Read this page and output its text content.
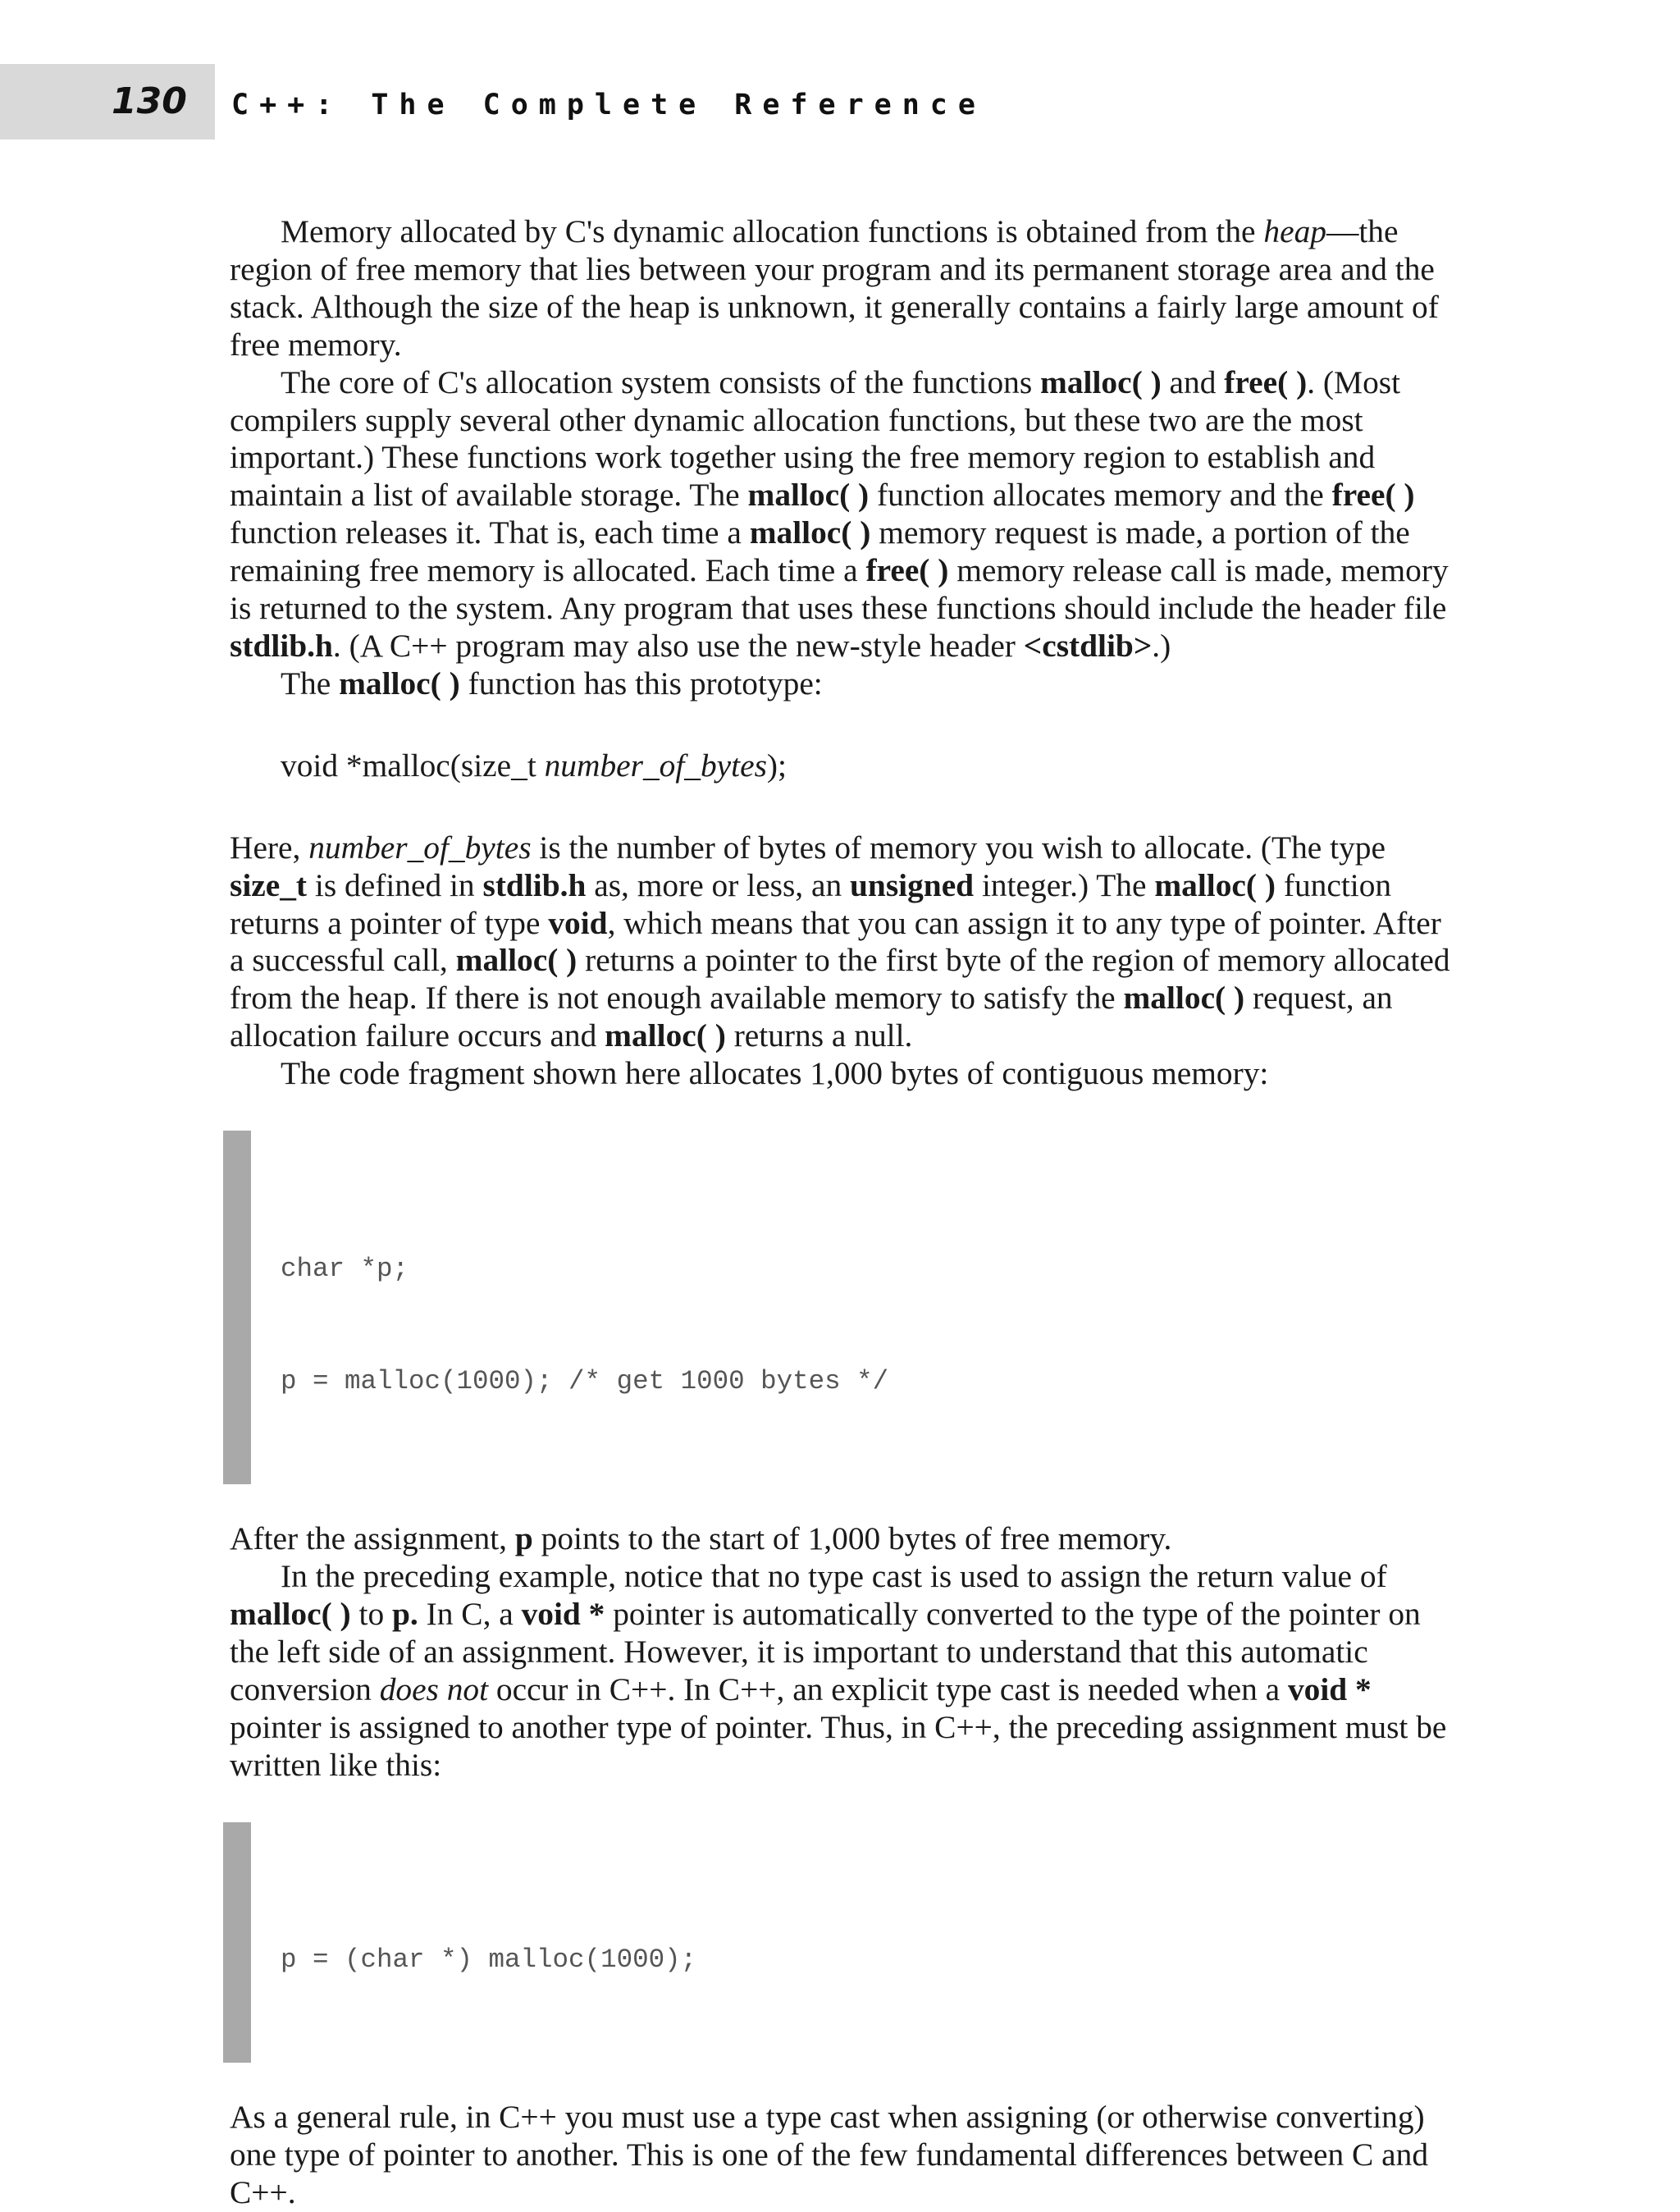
130 C++: The Complete Reference

Memory allocated by C's dynamic allocation functions is obtained from the heap—the region of free memory that lies between your program and its permanent storage area and the stack. Although the size of the heap is unknown, it generally contains a fairly large amount of free memory.

The core of C's allocation system consists of the functions malloc( ) and free( ). (Most compilers supply several other dynamic allocation functions, but these two are the most important.) These functions work together using the free memory region to establish and maintain a list of available storage. The malloc( ) function allocates memory and the free( ) function releases it. That is, each time a malloc( ) memory request is made, a portion of the remaining free memory is allocated. Each time a free( ) memory release call is made, memory is returned to the system. Any program that uses these functions should include the header file stdlib.h. (A C++ program may also use the new-style header <cstdlib>.)

The malloc( ) function has this prototype:

void *malloc(size_t number_of_bytes);

Here, number_of_bytes is the number of bytes of memory you wish to allocate. (The type size_t is defined in stdlib.h as, more or less, an unsigned integer.) The malloc( ) function returns a pointer of type void, which means that you can assign it to any type of pointer. After a successful call, malloc( ) returns a pointer to the first byte of the region of memory allocated from the heap. If there is not enough available memory to satisfy the malloc( ) request, an allocation failure occurs and malloc( ) returns a null.

The code fragment shown here allocates 1,000 bytes of contiguous memory:

char *p;

p = malloc(1000); /* get 1000 bytes */

After the assignment, p points to the start of 1,000 bytes of free memory.

In the preceding example, notice that no type cast is used to assign the return value of malloc( ) to p. In C, a void * pointer is automatically converted to the type of the pointer on the left side of an assignment. However, it is important to understand that this automatic conversion does not occur in C++. In C++, an explicit type cast is needed when a void * pointer is assigned to another type of pointer. Thus, in C++, the preceding assignment must be written like this:

p = (char *) malloc(1000);

As a general rule, in C++ you must use a type cast when assigning (or otherwise converting) one type of pointer to another. This is one of the few fundamental differences between C and C++.
